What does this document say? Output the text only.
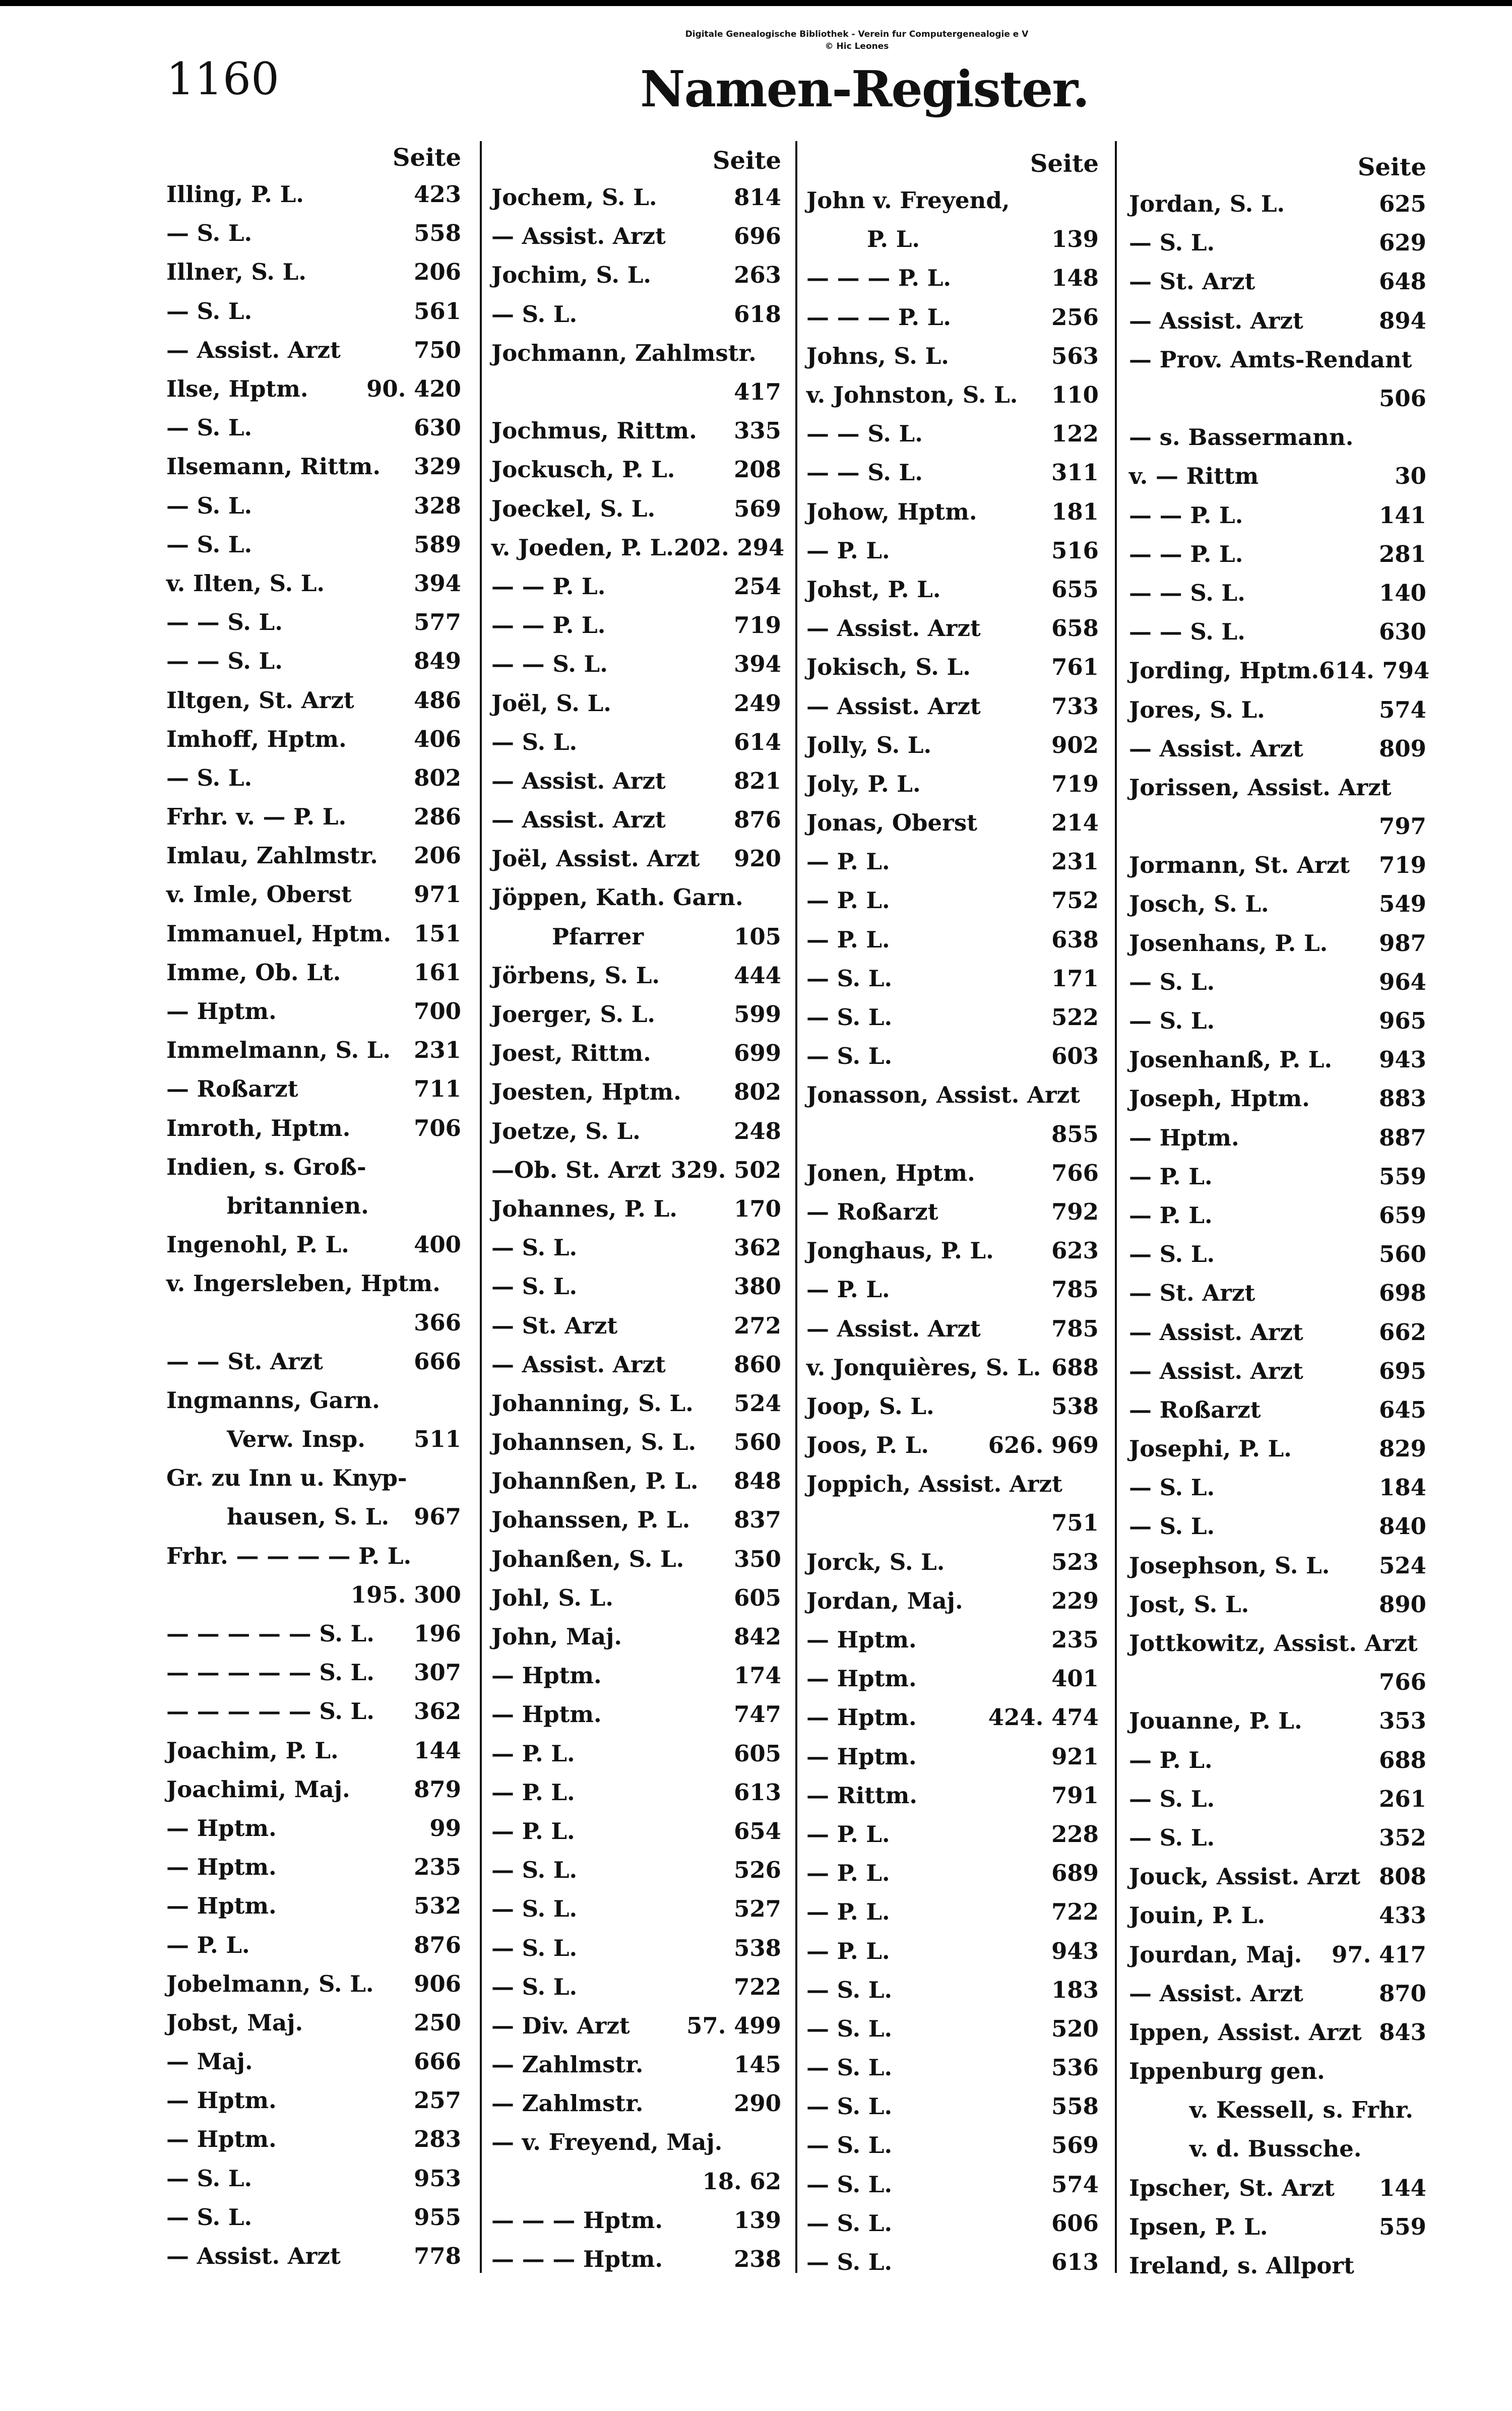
Digitale Genealogische Bibliothek - Verein fur Computergenealogie e V
© Hic Leones
1160	Namen-Register.
Seite
Illing, P. L.	423
— S. L.	558
Illner, S. L.	206
— S. L.	561
— Assist. Arzt	750
Ilse, Hptm.	90. 420
— S. L.	630
Ilsemann, Rittm. 329
— S. L.	328
— S. L.	589
v. Ilten, S. L.	394
— — S. L.	577
— — S. L.	849
Iltgen, St. Arzt	486
Imhoff, Hptm.	406
— S. L.	802
Frhr. v. — P. L.	286
Imlau, Zahlmstr. 206
v. Imle, Oberst	971
Immanuel, Hptm. 151
Imme, Ob. Lt.	161
— Hptm.	700
Immelmann, S. L. 231
— Roßarzt	711
Imroth, Hptm.	706
Indien, s. Groß-
britannien.
Ingenohl, P. L.	400
v. Ingersleben, Hptm.
366
— — St. Arzt	666
Ingmanns, Garn.
Verw. Insp. 511
Gr. zu Inn u. Knyp-
hausen, S. L. 967
Frhr. — — — — P. L.
195. 300
— — — — — S. L. 196
— — — — — S. L. 307
— — — — — S. L. 362
Joachim, P. L.	144
Joachimi, Maj.	879
— Hptm.	99
— Hptm.	235
— Hptm.	532
— P. L.	876
Jobelmann, S. L. 906
Jobst, Maj.	250
— Maj.	666
— Hptm.	257
— Hptm.	283
— S. L.	953
— S. L.	955
— Assist. Arzt	778
Seite
Jochem, S. L.	814
— Assist. Arzt	696
Jochim, S. L.	263
— S. L.	618
Jochmann, Zahlmstr.
417
Jochmus, Rittm. 335
Jockusch, P. L.	208
Joeckel, S. L.	569
v. Joeden, P. L. 202. 294
— — P. L.	254
— — P. L.	719
— — S. L.	394
Joël, S. L.	249
— S. L.	614
— Assist. Arzt	821
— Assist. Arzt	876
Joël, Assist. Arzt 920
Jöppen, Kath. Garn.
Pfarrer	105
Jörbens, S. L.	444
Joerger, S. L.	599
Joest, Rittm.	699
Joesten, Hptm. 802
Joetze, S. L.	248
—Ob. St. Arzt 329. 502
Johannes, P. L. 170
— S. L.	362
— S. L.	380
— St. Arzt	272
— Assist. Arzt	860
Johanning, S. L. 524
Johannsen, S. L. 560
Johannßen, P. L. 848
Johanssen, P. L. 837
Johanßen, S. L. 350
Johl, S. L.	605
John, Maj.	842
— Hptm.	174
— Hptm.	747
— P. L.	605
— P. L.	613
— P. L.	654
— S. L.	526
— S. L.	527
— S. L.	538
— S. L.	722
— Div. Arzt 57. 499
— Zahlmstr.	145
— Zahlmstr.	290
— v. Freyend, Maj.
18. 62
— — — Hptm.	139
— — — Hptm.	238
Seite
John v. Freyend,
P. L.	139
— — — P. L.	148
— — — P. L.	256
Johns, S. L.	563
v. Johnston, S. L. 110
— — S. L.	122
— — S. L.	311
Johow, Hptm.	181
— P. L.	516
Johst, P. L.	655
— Assist. Arzt	658
Jokisch, S. L.	761
— Assist. Arzt	733
Jolly, S. L.	902
Joly, P. L.	719
Jonas, Oberst	214
— P. L.	231
— P. L.	752
— P. L.	638
— S. L.	171
— S. L.	522
— S. L.	603
Jonasson, Assist. Arzt
855
Jonen, Hptm.	766
— Roßarzt	792
Jonghaus, P. L.	623
— P. L.	785
— Assist. Arzt	785
v. Jonquières, S. L. 688
Joop, S. L.	538
Joos, P. L.	626. 969
Joppich, Assist. Arzt
751
Jorck, S. L.	523
Jordan, Maj.	229
— Hptm.	235
— Hptm.	401
— Hptm.	424. 474
— Hptm.	921
— Rittm.	791
— P. L.	228
— P. L.	689
— P. L.	722
— P. L.	943
— S. L.	183
— S. L.	520
— S. L.	536
— S. L.	558
— S. L.	569
— S. L.	574
— S. L.	606
— S. L.	613
Seite
Jordan, S. L.	625
— S. L.	629
— St. Arzt	648
— Assist. Arzt	894
— Prov. Amts-Rendant
506
— s. Bassermann.
v. — Rittm	30
— — P. L.	141
— — P. L.	281
— — S. L.	140
— — S. L.	630
Jording, Hptm. 614. 794
Jores, S. L.	574
— Assist. Arzt	809
Jorissen, Assist. Arzt
797
Jormann, St. Arzt 719
Josch, S. L.	549
Josenhans, P. L. 987
— S. L.	964
— S. L.	965
Josenhanß, P. L. 943
Joseph, Hptm.	883
— Hptm.	887
— P. L.	559
— P. L.	659
— S. L.	560
— St. Arzt	698
— Assist. Arzt	662
— Assist. Arzt	695
— Roßarzt	645
Josephi, P. L.	829
— S. L.	184
— S. L.	840
Josephson, S. L. 524
Jost, S. L.	890
Jottkowitz, Assist. Arzt
766
Jouanne, P. L.	353
— P. L.	688
— S. L.	261
— S. L.	352
Jouck, Assist. Arzt 808
Jouin, P. L.	433
Jourdan, Maj. 97. 417
— Assist. Arzt	870
Ippen, Assist. Arzt 843
Ippenburg gen.
v. Kessell, s. Frhr.
v. d. Bussche.
Ipscher, St. Arzt 144
Ipsen, P. L.	559
Ireland, s. Allport
